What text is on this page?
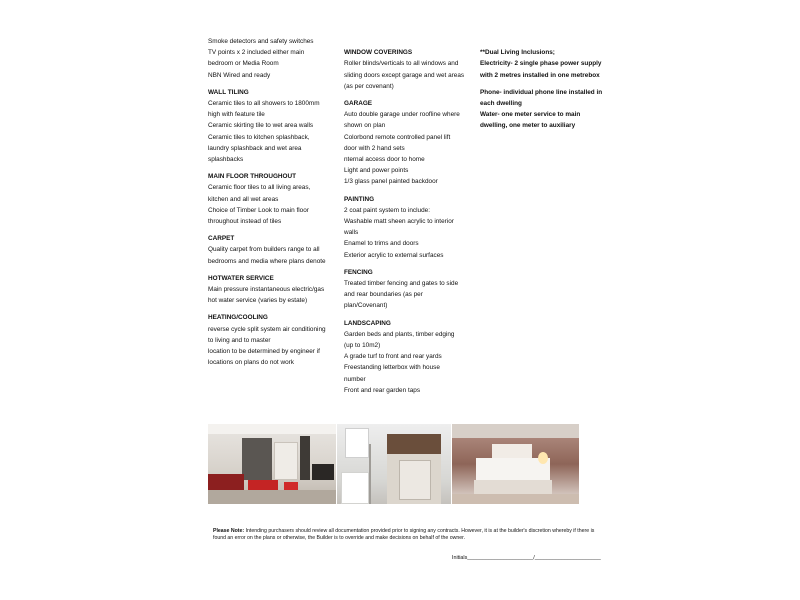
Smoke detectors and safety switches
TV points x 2 included either main
bedroom or Media Room
NBN Wired and ready
WALL TILING
Ceramic tiles to all showers to 1800mm
high with feature tile
Ceramic skirting tile to wet area walls
Ceramic tiles to kitchen splashback,
laundry splashback and wet area
splashbacks
MAIN FLOOR THROUGHOUT
Ceramic floor tiles to all living areas,
kitchen and all wet areas
Choice of Timber Look to main floor
throughout instead of tiles
CARPET
Quality carpet from builders range to all
bedrooms and media where plans denote
HOTWATER SERVICE
Main pressure instantaneous electric/gas
hot water service (varies by estate)
HEATING/COOLING
reverse cycle split system air conditioning
to living and to master
location to be determined by engineer if
locations on plans do not work
WINDOW COVERINGS
Roller blinds/verticals to all windows and
sliding doors except garage and wet areas
(as per covenant)
GARAGE
Auto double garage under roofline where
shown on plan
Colorbond remote controlled panel lift
door with 2 hand sets
nternal access door to home
Light and power points
1/3 glass panel painted backdoor
PAINTING
2 coat paint system to include:
Washable matt sheen acrylic to interior
walls
Enamel to trims and doors
Exterior acrylic to external surfaces
FENCING
Treated timber fencing and gates to side
and rear boundaries (as per
plan/Covenant)
LANDSCAPING
Garden beds and plants, timber edging
(up to 10m2)
A grade turf to front and rear yards
Freestanding letterbox with house
number
Front and rear garden taps
**Dual Living Inclusions;
Electricity- 2 single phase power supply
with 2 metres installed in one metrebox
Phone- individual phone line installed in
each dwelling
Water- one meter service to main
dwelling, one meter to auxiliary
Please Note: Intending purchasers should review all documentation provided prior to signing any contracts. However, it is at the builder's discretion whereby if there is found an error on the plans or otherwise, the Builder is to override and make decisions on behalf of the owner.
Initials______________________/______________________
